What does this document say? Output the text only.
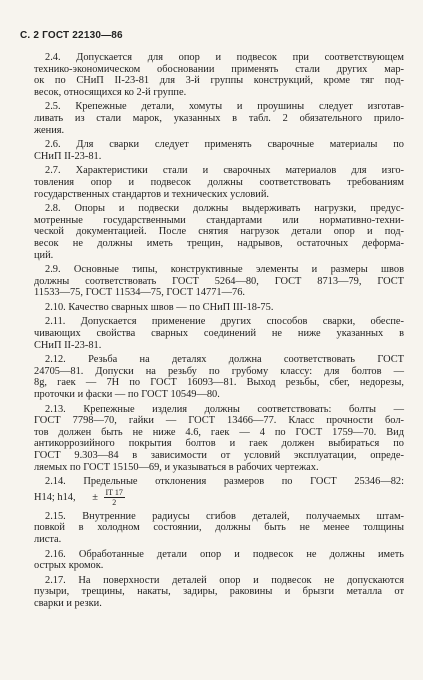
С. 2 ГОСТ 22130—86
2.4. Допускается для опор и подвесок при соответствующем
технико-экономическом обосновании применять стали других мар-
ок по СНиП II-23-81 для 3-й группы конструкций, кроме тяг под-
весок, относящихся ко 2-й группе.
2.5. Крепежные детали, хомуты и проушины следует изготав-
ливать из стали марок, указанных в табл. 2 обязательного прило-
жения.
2.6. Для сварки следует применять сварочные материалы по
СНиП II-23-81.
2.7. Характеристики стали и сварочных материалов для изго-
товления опор и подвесок должны соответствовать требованиям
государственных стандартов и технических условий.
2.8. Опоры и подвески должны выдерживать нагрузки, предус-
мотренные государственными стандартами или нормативно-техни-
ческой документацией. После снятия нагрузок детали опор и под-
весок не должны иметь трещин, надрывов, остаточных деформа-
ций.
2.9. Основные типы, конструктивные элементы и размеры швов
должны соответствовать ГОСТ 5264—80, ГОСТ 8713—79, ГОСТ
11533—75, ГОСТ 11534—75, ГОСТ 14771—76.
2.10. Качество сварных швов — по СНиП III-18-75.
2.11. Допускается применение других способов сварки, обеспе-
чивающих свойства сварных соединений не ниже указанных в
СНиП II-23-81.
2.12. Резьба на деталях должна соответствовать ГОСТ
24705—81. Допуски на резьбу по грубому классу: для болтов —
8g, гаек — 7Н по ГОСТ 16093—81. Выход резьбы, сбег, недорезы,
проточки и фаски — по ГОСТ 10549—80.
2.13. Крепежные изделия должны соответствовать: болты —
ГОСТ 7798—70, гайки — ГОСТ 13466—77. Класс прочности бол-
тов должен быть не ниже 4.6, гаек — 4 по ГОСТ 1759—70. Вид
антикоррозийного покрытия болтов и гаек должен выбираться по
ГОСТ 9.303—84 в зависимости от условий эксплуатации, опреде-
ляемых по ГОСТ 15150—69, и указываться в рабочих чертежах.
2.14. Предельные отклонения размеров по ГОСТ 25346—82:
H14; h14, ± $\frac{IT 17}{2}$
2.15. Внутренние радиусы сгибов деталей, получаемых штам-
повкой в холодном состоянии, должны быть не менее толщины
листа.
2.16. Обработанные детали опор и подвесок не должны иметь
острых кромок.
2.17. На поверхности деталей опор и подвесок не допускаются
пузыри, трещины, накаты, задиры, раковины и брызги металла от
сварки и резки.
